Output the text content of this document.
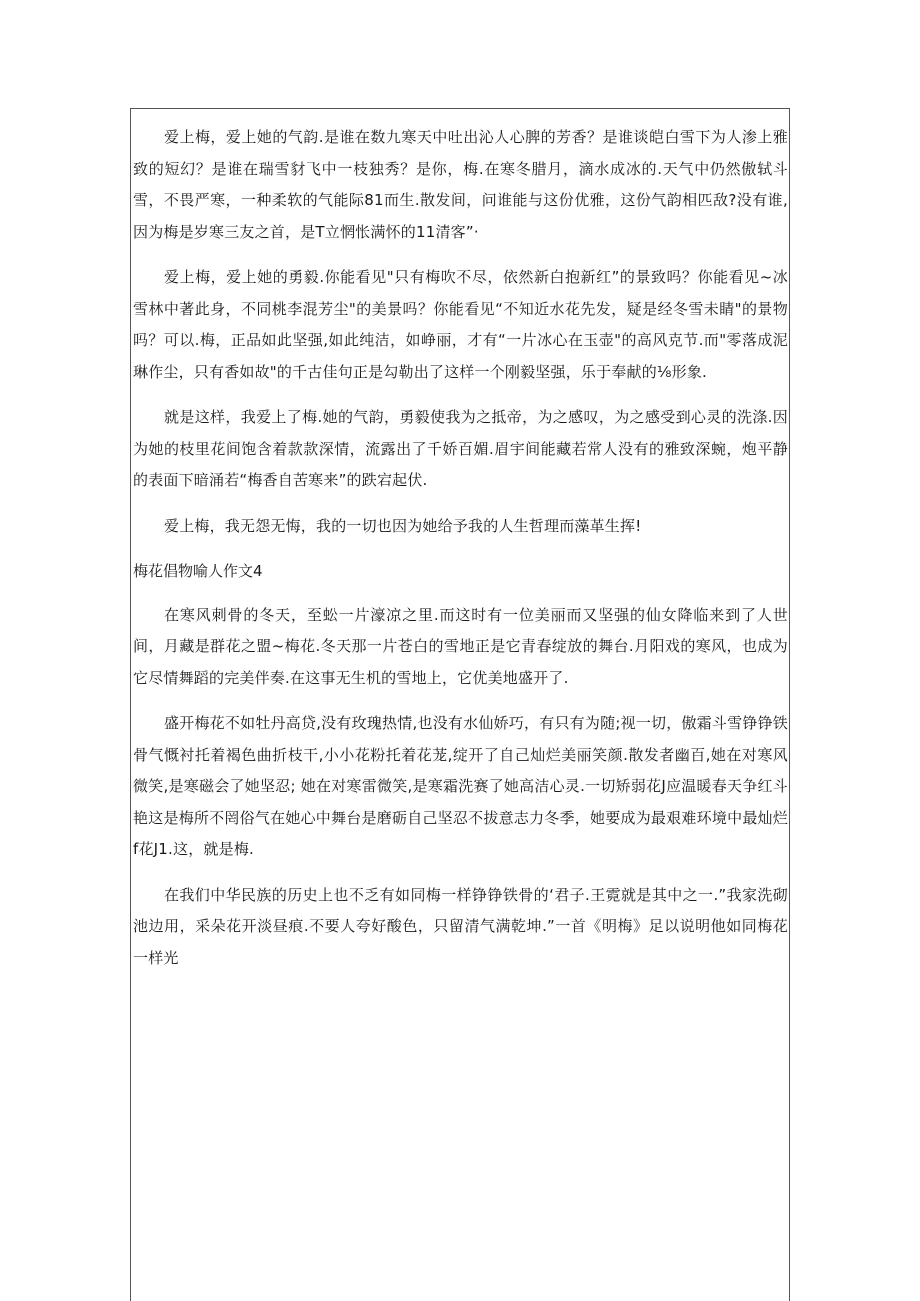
爱上梅，爱上她的气韵.是谁在数九寒天中吐出沁人心脾的芳香？是谁谈皑白雪下为人渗上雅致的短幻？是谁在瑞雪豺飞中一枝独秀？是你，梅.在寒冬腊月，滴水成冰的.天气中仍然傲轼斗雪，不畏严寒，一种柔软的气能际81而生.散发间，问谁能与这份优雅，这份气韵相匹敌?没有谁,因为梅是岁寒三友之首，是T立惘怅满怀的11清客”·

爱上梅，爱上她的勇毅.你能看见"只有梅吹不尽，依然新白抱新红”的景致吗？你能看见~冰雪林中著此身，不同桃李混芳尘"的美景吗？你能看见“不知近水花先发，疑是经冬雪未睛"的景物吗？可以.梅，正品如此坚强,如此纯洁，如峥丽，才有“一片冰心在玉壶"的高风克节.而"零落成泥琳作尘，只有香如故"的千古佳句正是勾勒出了这样一个刚毅坚强，乐于奉献的⅛形象.

就是这样，我爱上了梅.她的气韵，勇毅使我为之抵帝，为之感叹，为之感受到心灵的洗涤.因为她的枝里花间饱含着款款深情，流露出了千娇百媚.眉宇间能藏若常人没有的雅致深蜿，炮平静的表面下暗涌若“梅香自苦寒来”的跌宕起伏.

爱上梅，我无怨无悔，我的一切也因为她给予我的人生哲理而藻革生挥!

梅花倡物喻人作文4

在寒风刺骨的冬天，至蚣一片濠凉之里.而这时有一位美丽而又坚强的仙女降临来到了人世间，月藏是群花之盟~梅花.冬天那一片苍白的雪地正是它青春绽放的舞台.月阳戏的寒风，也成为它尽情舞蹈的完美伴奏.在这事无生机的雪地上，它优美地盛开了.

盛开梅花不如牡丹高贷,没有玫瑰热情,也没有水仙娇巧，有只有为随;视一切，傲霜斗雪铮铮铁骨气慨衬托着褐色曲折枝干,小小花粉托着花茏,绽开了自己灿烂美丽笑颜.散发者幽百,她在对寒风微笑,是寒磁会了她坚忍; 她在对寒雷微笑,是寒霜洗赛了她高洁心灵.一切矫弱花J应温暖春天争红斗艳这是梅所不罔俗气在她心中舞台是磨砺自己坚忍不拔意志力冬季，她要成为最艰难环境中最灿烂f花J1.这，就是梅.

在我们中华民族的历史上也不乏有如同梅一样铮铮铁骨的‘君子.王霓就是其中之一.”我家洗砌池边用，采朵花开淡昼痕.不要人夸好酸色，只留清气满乾坤.”一首《明梅》足以说明他如同梅花一样光
